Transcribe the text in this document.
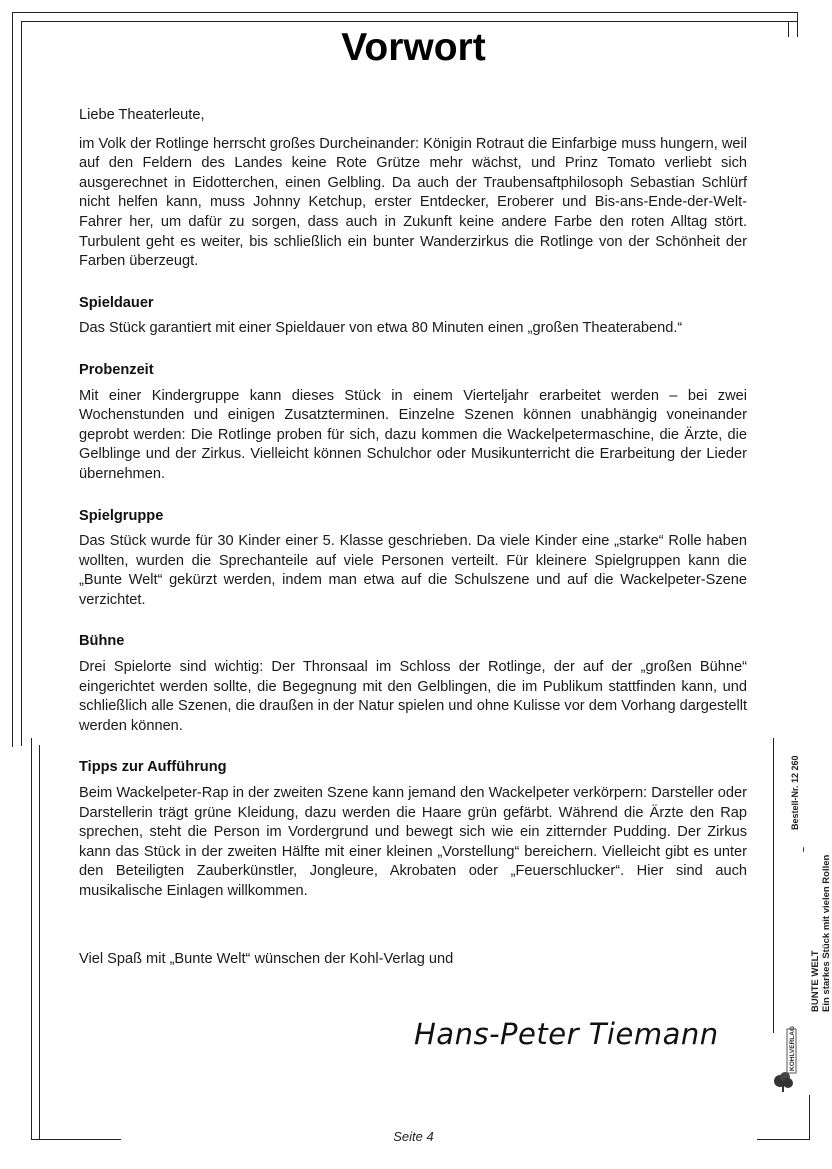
Vorwort

Liebe Theaterleute,

im Volk der Rotlinge herrscht großes Durcheinander: Königin Rotraut die Einfarbige muss hungern, weil auf den Feldern des Landes keine Rote Grütze mehr wächst, und Prinz Tomato verliebt sich ausgerechnet in Eidotterchen, einen Gelbling. Da auch der Traubensaftphilosoph Sebastian Schlürf nicht helfen kann, muss Johnny Ketchup, erster Entdecker, Eroberer und Bis-ans-Ende-der-Welt-Fahrer her, um dafür zu sorgen, dass auch in Zukunft keine andere Farbe den roten Alltag stört. Turbulent geht es weiter, bis schließlich ein bunter Wanderzirkus die Rotlinge von der Schönheit der Farben überzeugt.

Spieldauer

Das Stück garantiert mit einer Spieldauer von etwa 80 Minuten einen „großen Theaterabend.“

Probenzeit

Mit einer Kindergruppe kann dieses Stück in einem Vierteljahr erarbeitet werden – bei zwei Wochenstunden und einigen Zusatzterminen. Einzelne Szenen können unabhängig voneinander geprobt werden: Die Rotlinge proben für sich, dazu kommen die Wackelpetermaschine, die Ärzte, die Gelblinge und der Zirkus. Vielleicht können Schulchor oder Musikunterricht die Erarbeitung der Lieder übernehmen.

Spielgruppe

Das Stück wurde für 30 Kinder einer 5. Klasse geschrieben. Da viele Kinder eine „starke“ Rolle haben wollten, wurden die Sprechanteile auf viele Personen verteilt. Für kleinere Spielgruppen kann die „Bunte Welt“ gekürzt werden, indem man etwa auf die Schulszene und auf die Wackelpeter-Szene verzichtet.

Bühne

Drei Spielorte sind wichtig: Der Thronsaal im Schloss der Rotlinge, der auf der „großen Bühne“ eingerichtet werden sollte, die Begegnung mit den Gelblingen, die im Publikum stattfinden kann, und schließlich alle Szenen, die draußen in der Natur spielen und ohne Kulisse vor dem Vorhang dargestellt werden können.

Tipps zur Aufführung

Beim Wackelpeter-Rap in der zweiten Szene kann jemand den Wackelpeter verkörpern: Darsteller oder Darstellerin trägt grüne Kleidung, dazu werden die Haare grün gefärbt. Während die Ärzte den Rap sprechen, steht die Person im Vordergrund und bewegt sich wie ein zitternder Pudding. Der Zirkus kann das Stück in der zweiten Hälfte mit einer kleinen „Vorstellung“ bereichern. Vielleicht gibt es unter den Beteiligten Zauberkünstler, Jongleure, Akrobaten oder „Feuerschlucker“. Hier sind auch musikalische Einlagen willkommen.

Viel Spaß mit „Bunte Welt“ wünschen der Kohl-Verlag und
Hans-Peter Tiemann
BUNTE WELT Ein starkes Stück mit vielen Rollen
–
Bestell-Nr. 12 260
KOHLVERLAG
Seite 4
